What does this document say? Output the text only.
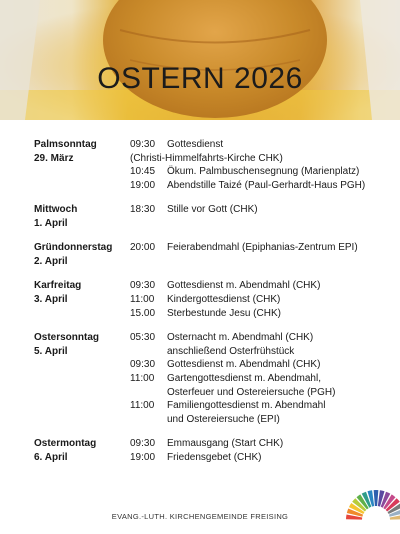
OSTERN 2026
Palmsonntag
29. März
09:30	Gottesdienst
(Christi-Himmelfahrts-Kirche CHK)
10:45	Ökum. Palmbuschensegnung (Marienplatz)
19:00	Abendstille Taizé (Paul-Gerhardt-Haus PGH)
Mittwoch
1. April
18:30	Stille vor Gott (CHK)
Gründonnerstag
2. April
20:00	Feierabendmahl (Epiphanias-Zentrum EPI)
Karfreitag
3. April
09:30	Gottesdienst m. Abendmahl (CHK)
11:00	Kindergottesdienst (CHK)
15.00	Sterbestunde Jesu (CHK)
Ostersonntag
5. April
05:30	Osternacht m. Abendmahl (CHK)
anschließend Osterfrühstück
09:30	Gottesdienst m. Abendmahl (CHK)
11:00	Gartengottesdienst m. Abendmahl,
Osterfeuer und Ostereiersuche (PGH)
11:00	Familiengottesdienst m. Abendmahl
und Ostereiersuche (EPI)
Ostermontag
6. April
09:30	Emmausgang (Start CHK)
19:00	Friedensgebet (CHK)
EVANG.-LUTH. KIRCHENGEMEINDE FREISING
